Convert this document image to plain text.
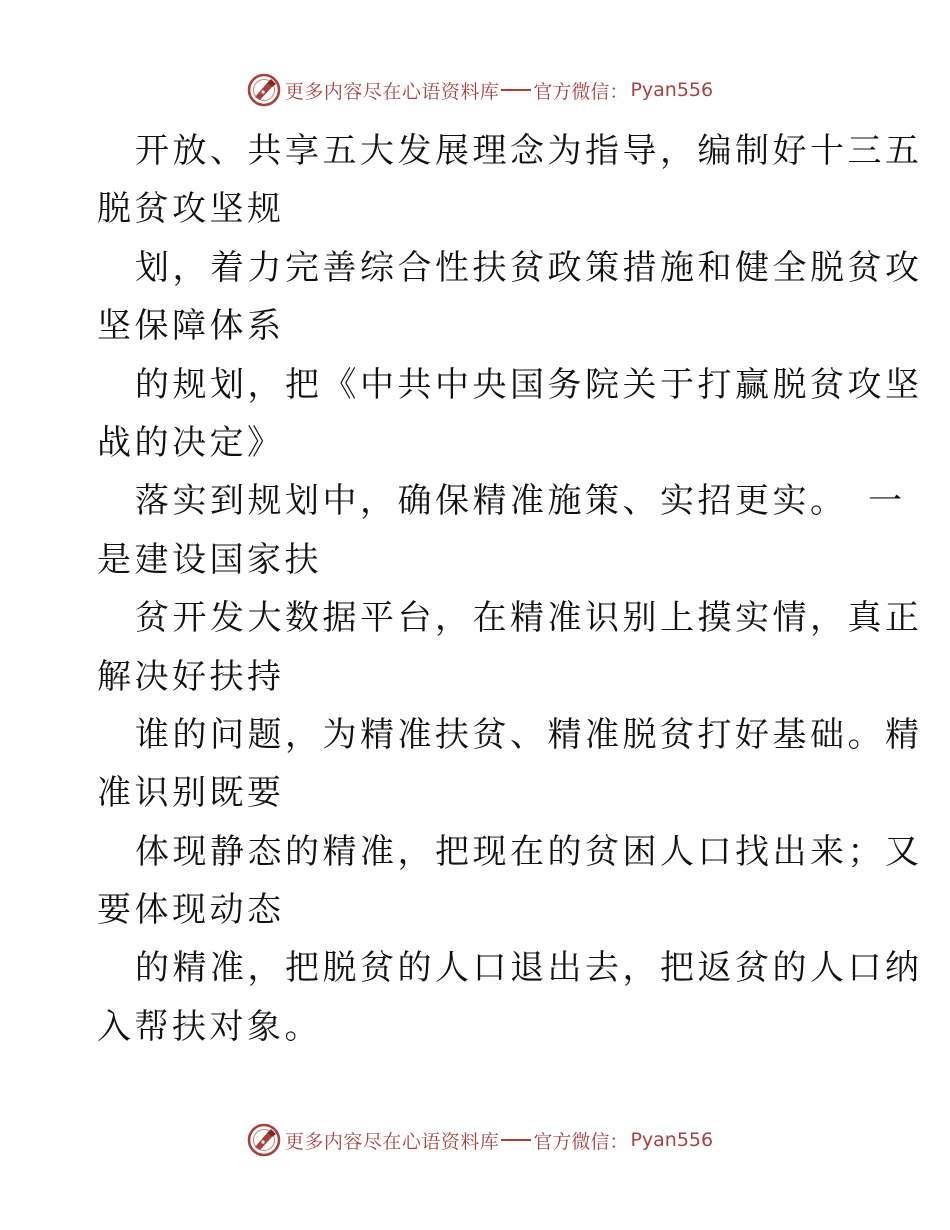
更多内容尽在心语资料库 官方微信： Pyan556

开放、共享五大发展理念为指导，编制好十三五

脱贫攻坚规

划，着力完善综合性扶贫政策措施和健全脱贫攻

坚保障体系

的规划，把《中共中央国务院关于打赢脱贫攻坚

战的决定》

落实到规划中，确保精准施策、实招更实。　一

是建设国家扶

贫开发大数据平台，在精准识别上摸实情，真正

解决好扶持

谁的问题，为精准扶贫、精准脱贫打好基础。精

准识别既要

体现静态的精准，把现在的贫困人口找出来；又

要体现动态

的精准，把脱贫的人口退出去，把返贫的人口纳

入帮扶对象。

更多内容尽在心语资料库 官方微信： Pyan556
